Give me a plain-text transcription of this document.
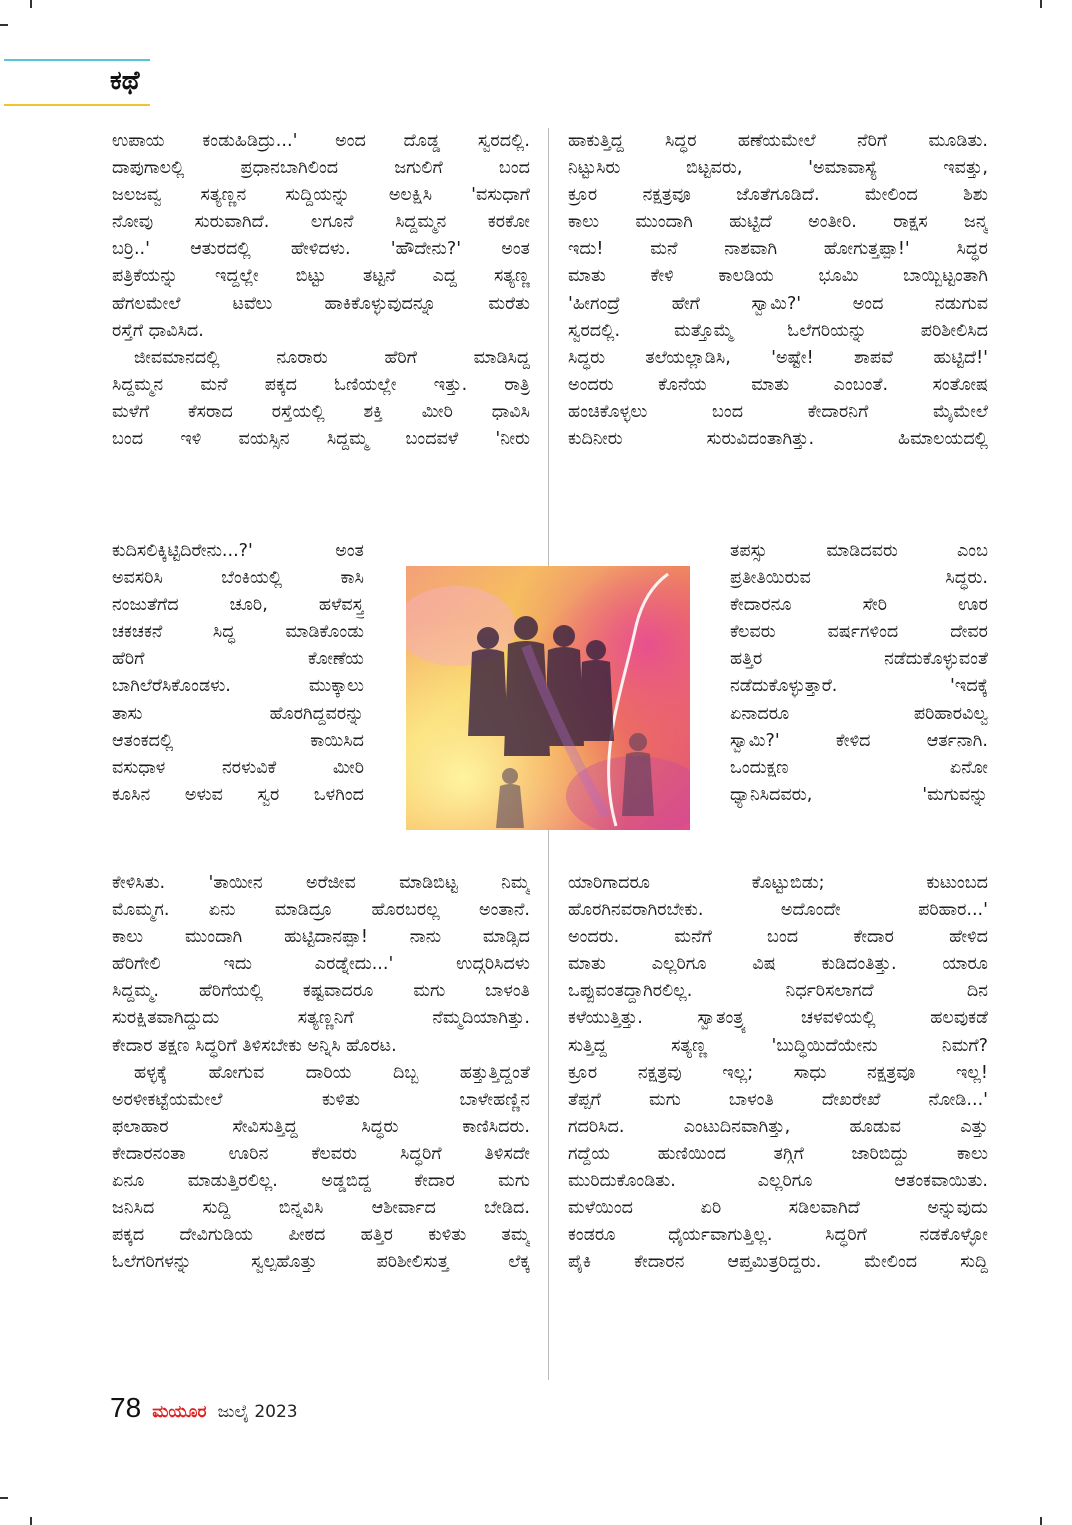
ಕಥೆ
ಉಪಾಯ ಕಂಡುಹಿಡಿದ್ರು...' ಅಂದ ದೊಡ್ಡ ಸ್ವರದಲ್ಲಿ.
ದಾಪುಗಾಲಲ್ಲಿ ಪ್ರಧಾನಬಾಗಿಲಿಂದ ಜಗುಲಿಗೆ ಬಂದ
ಜಲಜವ್ವ ಸತ್ಯಣ್ಣನ ಸುದ್ದಿಯನ್ನು ಅಲಕ್ಷಿಸಿ 'ವಸುಧಾಗೆ
ನೋವು ಸುರುವಾಗಿದೆ. ಲಗೂನೆ ಸಿದ್ದಮ್ಮನ ಕರಕೋ
ಬರ್ರಿ..' ಆತುರದಲ್ಲಿ ಹೇಳಿದಳು. 'ಹೌದೇನು?' ಅಂತ
ಪತ್ರಿಕೆಯನ್ನು ಇದ್ದಲ್ಲೇ ಬಿಟ್ಟು ತಟ್ಟನೆ ಎದ್ದ ಸತ್ಯಣ್ಣ
ಹೆಗಲಮೇಲೆ ಟವೆಲು ಹಾಕಿಕೊಳ್ಳುವುದನ್ನೂ ಮರೆತು
ರಸ್ತೆಗೆ ಧಾವಿಸಿದ.
ಜೀವಮಾನದಲ್ಲಿ ನೂರಾರು ಹೆರಿಗೆ ಮಾಡಿಸಿದ್ದ
ಸಿದ್ದಮ್ಮನ ಮನೆ ಪಕ್ಕದ ಓಣಿಯಲ್ಲೇ ಇತ್ತು. ರಾತ್ರಿ
ಮಳೆಗೆ ಕೆಸರಾದ ರಸ್ತೆಯಲ್ಲಿ ಶಕ್ತಿ ಮೀರಿ ಧಾವಿಸಿ
ಬಂದ ಇಳಿ ವಯಸ್ಸಿನ ಸಿದ್ದಮ್ಮ ಬಂದವಳೆ 'ನೀರು
ಕುದಿಸಲಿಕ್ಕಿಟ್ಟಿದಿರೇನು...?' ಅಂತ
ಅವಸರಿಸಿ ಬೆಂಕಿಯಲ್ಲಿ ಕಾಸಿ
ನಂಜುತೆಗೆದ ಚೂರಿ, ಹಳೆವಸ್ತ್ರ
ಚಕಚಕನೆ ಸಿದ್ಧ ಮಾಡಿಕೊಂಡು
ಹೆರಿಗೆ ಕೋಣೆಯ
ಬಾಗಿಲೆರೆಸಿಕೊಂಡಳು. ಮುಕ್ಕಾಲು
ತಾಸು ಹೊರಗಿದ್ದವರನ್ನು
ಆತಂಕದಲ್ಲಿ ಕಾಯಿಸಿದ
ವಸುಧಾಳ ನರಳುವಿಕೆ ಮೀರಿ
ಕೂಸಿನ ಅಳುವ ಸ್ವರ ಒಳಗಿಂದ
ಕೇಳಿಸಿತು. 'ತಾಯೀನ ಅರೆಜೀವ ಮಾಡಿಬಿಟ್ಟ ನಿಮ್ಮ
ಮೊಮ್ಮಗ. ಏನು ಮಾಡಿದ್ರೂ ಹೊರಬರಲ್ಲ ಅಂತಾನೆ.
ಕಾಲು ಮುಂದಾಗಿ ಹುಟ್ಟಿದಾನಪ್ಪಾ! ನಾನು ಮಾಡ್ಸಿದ
ಹೆರಿಗೇಲಿ ಇದು ಎರಡ್ನೇದು...' ಉದ್ಗರಿಸಿದಳು
ಸಿದ್ದಮ್ಮ. ಹೆರಿಗೆಯಲ್ಲಿ ಕಷ್ಟವಾದರೂ ಮಗು ಬಾಳಂತಿ
ಸುರಕ್ಷಿತವಾಗಿದ್ದುದು ಸತ್ಯಣ್ಣನಿಗೆ ನೆಮ್ಮದಿಯಾಗಿತ್ತು.
ಕೇದಾರ ತಕ್ಷಣ ಸಿದ್ಧರಿಗೆ ತಿಳಿಸಬೇಕು ಅನ್ನಿಸಿ ಹೊರಟ.
ಹಳ್ಳಕ್ಕೆ ಹೋಗುವ ದಾರಿಯ ದಿಬ್ಬ ಹತ್ತುತ್ತಿದ್ದಂತೆ
ಅರಳೀಕಟ್ಟೆಯಮೇಲೆ ಕುಳಿತು ಬಾಳೇಹಣ್ಣಿನ
ಫಲಾಹಾರ ಸೇವಿಸುತ್ತಿದ್ದ ಸಿದ್ಧರು ಕಾಣಿಸಿದರು.
ಕೇದಾರನಂತಾ ಊರಿನ ಕೆಲವರು ಸಿದ್ಧರಿಗೆ ತಿಳಿಸದೇ
ಏನೂ ಮಾಡುತ್ತಿರಲಿಲ್ಲ. ಅಡ್ಡಬಿದ್ದ ಕೇದಾರ ಮಗು
ಜನಿಸಿದ ಸುದ್ದಿ ಬಿನ್ನವಿಸಿ ಆಶೀರ್ವಾದ ಬೇಡಿದ.
ಪಕ್ಕದ ದೇವಿಗುಡಿಯ ಪೀಠದ ಹತ್ತಿರ ಕುಳಿತು ತಮ್ಮ
ಓಲೆಗರಿಗಳನ್ನು ಸ್ವಲ್ಪಹೊತ್ತು ಪರಿಶೀಲಿಸುತ್ತ ಲೆಕ್ಕ
ಹಾಕುತ್ತಿದ್ದ ಸಿದ್ಧರ ಹಣೆಯಮೇಲೆ ನೆರಿಗೆ ಮೂಡಿತು.
ನಿಟ್ಟುಸಿರು ಬಿಟ್ಟವರು, 'ಅಮಾವಾಸ್ಯೆ ಇವತ್ತು,
ಕ್ರೂರ ನಕ್ಷತ್ರವೂ ಜೊತೆಗೂಡಿದೆ. ಮೇಲಿಂದ ಶಿಶು
ಕಾಲು ಮುಂದಾಗಿ ಹುಟ್ಟಿದೆ ಅಂತೀರಿ. ರಾಕ್ಷಸ ಜನ್ಮ
ಇದು! ಮನೆ ನಾಶವಾಗಿ ಹೋಗುತ್ತಪ್ಪಾ!' ಸಿದ್ಧರ
ಮಾತು ಕೇಳಿ ಕಾಲಡಿಯ ಭೂಮಿ ಬಾಯ್ಬಿಟ್ಟಂತಾಗಿ
'ಹೀಗಂದ್ರೆ ಹೇಗೆ ಸ್ವಾಮಿ?' ಅಂದ ನಡುಗುವ
ಸ್ವರದಲ್ಲಿ. ಮತ್ತೊಮ್ಮೆ ಓಲೆಗರಿಯನ್ನು ಪರಿಶೀಲಿಸಿದ
ಸಿದ್ಧರು ತಲೆಯಲ್ಲಾಡಿಸಿ, 'ಅಷ್ಟೇ! ಶಾಪವೆ ಹುಟ್ಟಿದೆ!'
ಅಂದರು ಕೊನೆಯ ಮಾತು ಎಂಬಂತೆ. ಸಂತೋಷ
ಹಂಚಿಕೊಳ್ಳಲು ಬಂದ ಕೇದಾರನಿಗೆ ಮೈಮೇಲೆ
ಕುದಿನೀರು ಸುರುವಿದಂತಾಗಿತ್ತು. ಹಿಮಾಲಯದಲ್ಲಿ
ತಪಸ್ಸು ಮಾಡಿದವರು ಎಂಬ
ಪ್ರತೀತಿಯಿರುವ ಸಿದ್ಧರು.
ಕೇದಾರನೂ ಸೇರಿ ಊರ
ಕೆಲವರು ವರ್ಷಗಳಿಂದ ದೇವರ
ಹತ್ತಿರ ನಡೆದುಕೊಳ್ಳುವಂತೆ
ನಡೆದುಕೊಳ್ಳುತ್ತಾರೆ. 'ಇದಕ್ಕೆ
ಏನಾದರೂ ಪರಿಹಾರವಿಲ್ವ
ಸ್ವಾಮಿ?' ಕೇಳಿದ ಆರ್ತನಾಗಿ.
ಒಂದುಕ್ಷಣ ಏನೋ
ಧ್ಯಾನಿಸಿದವರು, 'ಮಗುವನ್ನು
ಯಾರಿಗಾದರೂ ಕೊಟ್ಟುಬಿಡು; ಕುಟುಂಬದ
ಹೊರಗಿನವರಾಗಿರಬೇಕು. ಅದೊಂದೇ ಪರಿಹಾರ...'
ಅಂದರು. ಮನೆಗೆ ಬಂದ ಕೇದಾರ ಹೇಳಿದ
ಮಾತು ಎಲ್ಲರಿಗೂ ವಿಷ ಕುಡಿದಂತಿತ್ತು. ಯಾರೂ
ಒಪ್ಪುವಂತದ್ದಾಗಿರಲಿಲ್ಲ. ನಿರ್ಧರಿಸಲಾಗದೆ ದಿನ
ಕಳೆಯುತ್ತಿತ್ತು. ಸ್ವಾತಂತ್ರ್ಯ ಚಳವಳಿಯಲ್ಲಿ ಹಲವುಕಡೆ
ಸುತ್ತಿದ್ದ ಸತ್ಯಣ್ಣ 'ಬುದ್ಧಿಯಿದೆಯೇನು ನಿಮಗೆ?
ಕ್ರೂರ ನಕ್ಷತ್ರವು ಇಲ್ಲ; ಸಾಧು ನಕ್ಷತ್ರವೂ ಇಲ್ಲ!
ತೆಪ್ಪಗೆ ಮಗು ಬಾಳಂತಿ ದೇಖರೇಖೆ ನೋಡಿ...'
ಗದರಿಸಿದ. ಎಂಟುದಿನವಾಗಿತ್ತು, ಹೂಡುವ ಎತ್ತು
ಗದ್ದೆಯ ಹುಣಿಯಿಂದ ತಗ್ಗಿಗೆ ಜಾರಿಬಿದ್ದು ಕಾಲು
ಮುರಿದುಕೊಂಡಿತು. ಎಲ್ಲರಿಗೂ ಆತಂಕವಾಯಿತು.
ಮಳೆಯಿಂದ ಏರಿ ಸಡಿಲವಾಗಿದೆ ಅನ್ನುವುದು
ಕಂಡರೂ ಧೈರ್ಯವಾಗುತ್ತಿಲ್ಲ. ಸಿದ್ಧರಿಗೆ ನಡಕೊಳ್ಳೋ
ಪೈಕಿ ಕೇದಾರನ ಆಪ್ತಮಿತ್ರರಿದ್ದರು. ಮೇಲಿಂದ ಸುದ್ದಿ
78 ಮಯೂರ ಜುಲೈ 2023
